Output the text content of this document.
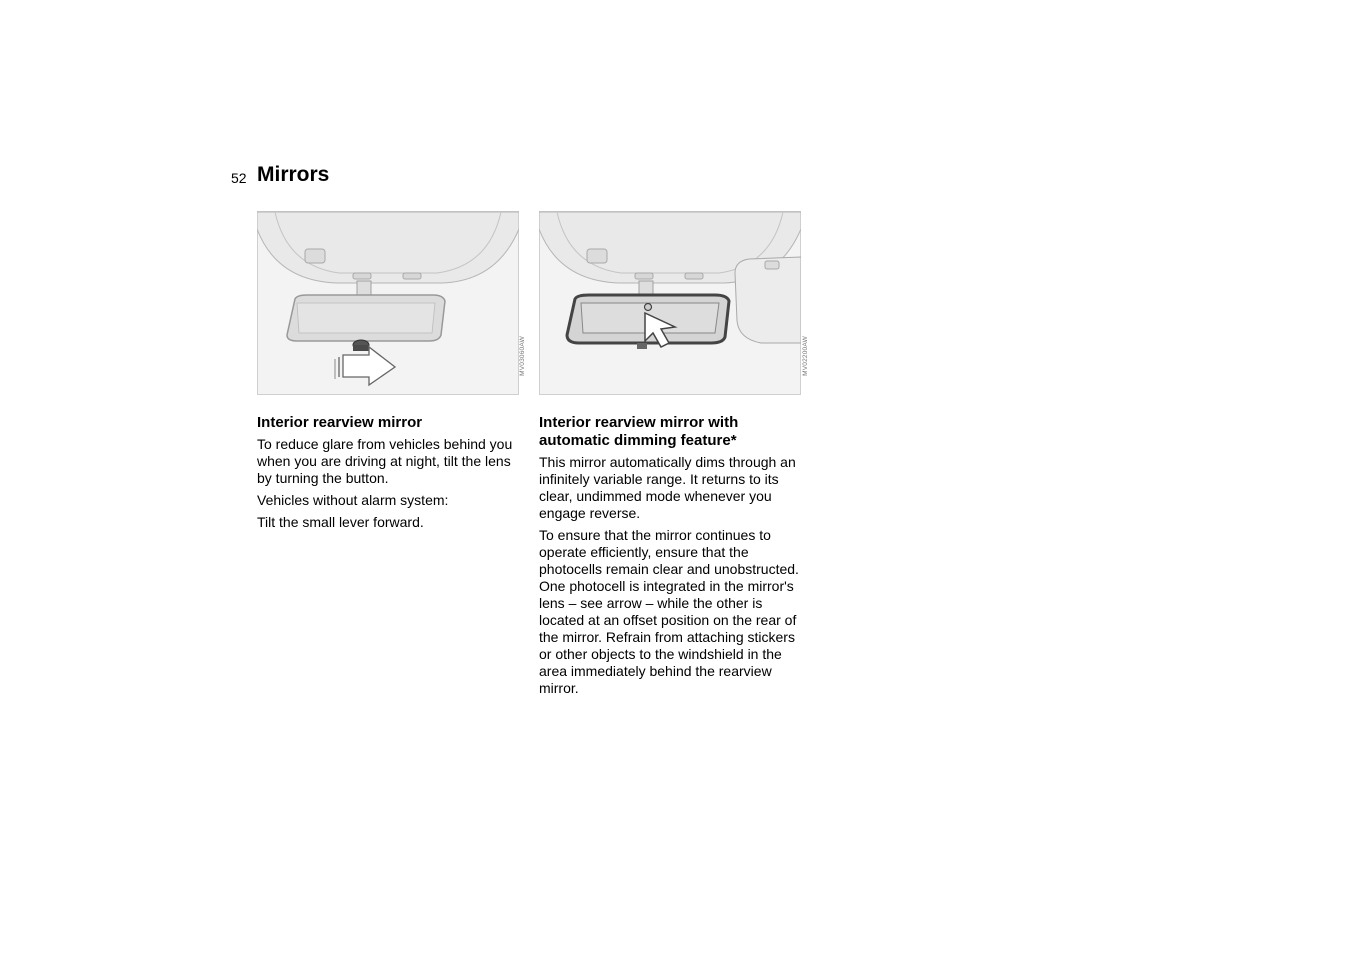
52 Mirrors
MV03060AW	MV02200AW
Interior rearview mirror

To reduce glare from vehicles behind you when you are driving at night, tilt the lens by turning the button.

Vehicles without alarm system:

Tilt the small lever forward.

Interior rearview mirror with automatic dimming feature*

This mirror automatically dims through an infinitely variable range. It returns to its clear, undimmed mode whenever you engage reverse.

To ensure that the mirror continues to operate efficiently, ensure that the photocells remain clear and unobstructed. One photocell is integrated in the mirror's lens – see arrow – while the other is located at an offset position on the rear of the mirror. Refrain from attaching stickers or other objects to the windshield in the area immediately behind the rearview mirror.
